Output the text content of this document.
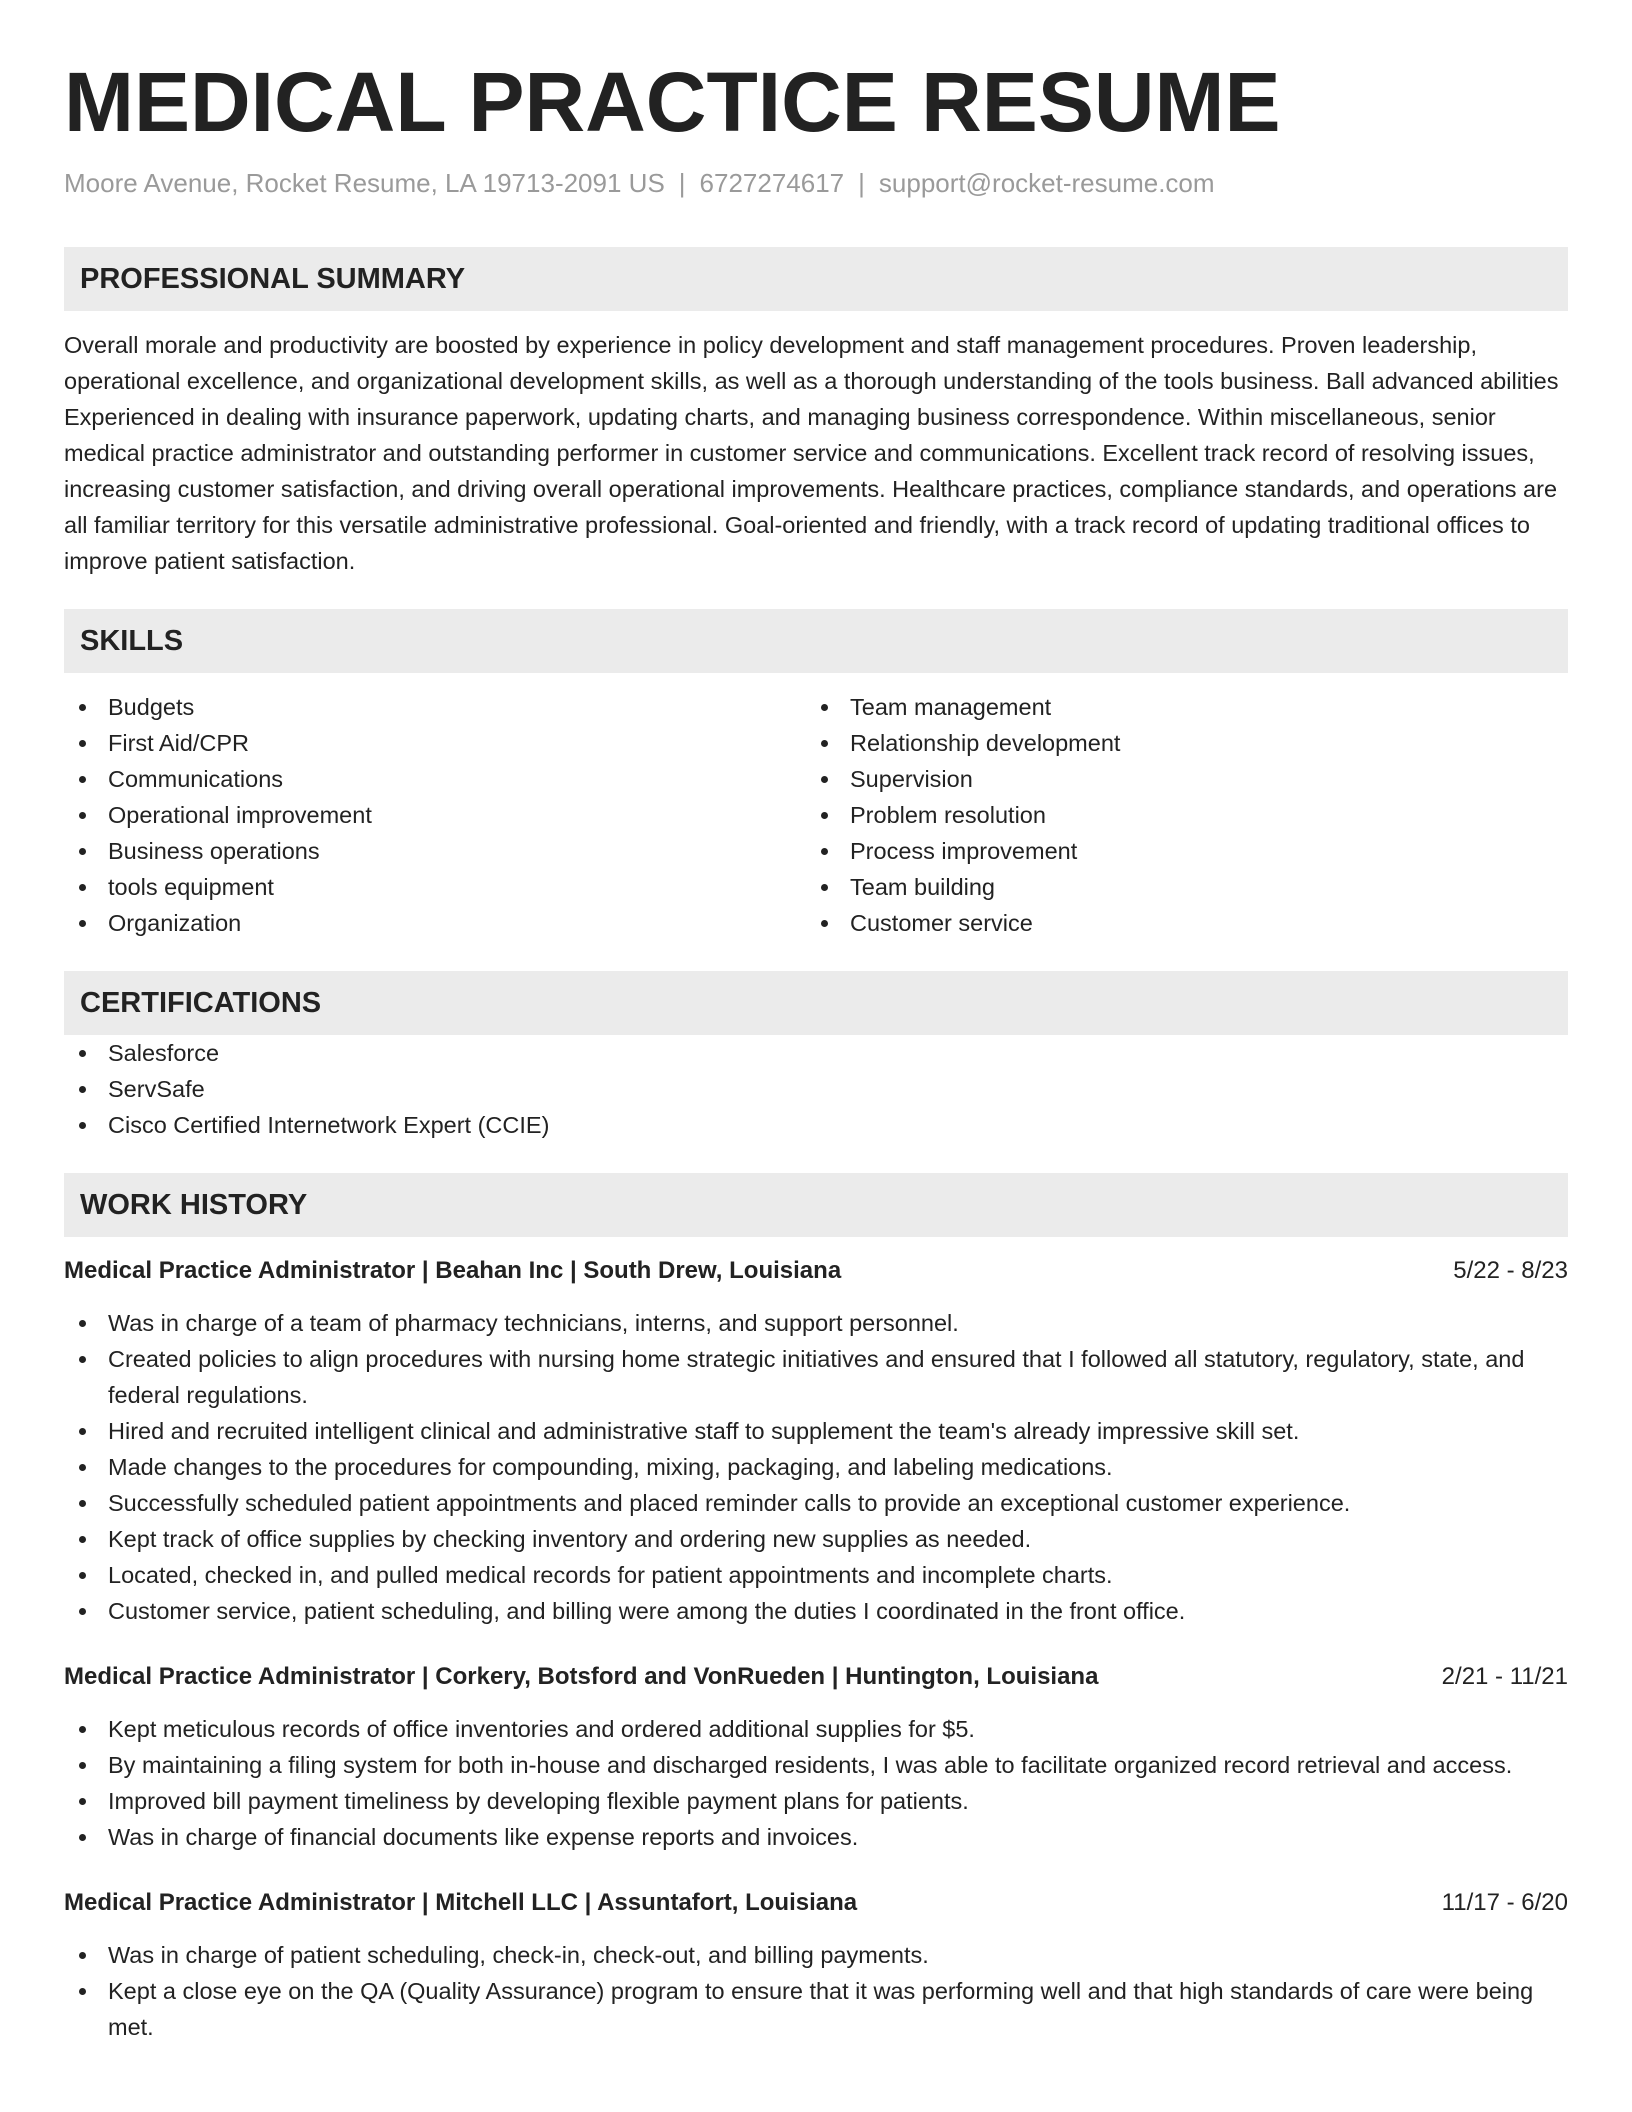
MEDICAL PRACTICE RESUME
Moore Avenue, Rocket Resume, LA 19713-2091 US | 6727274617 | support@rocket-resume.com
PROFESSIONAL SUMMARY

Overall morale and productivity are boosted by experience in policy development and staff management procedures. Proven leadership, operational excellence, and organizational development skills, as well as a thorough understanding of the tools business. Ball advanced abilities Experienced in dealing with insurance paperwork, updating charts, and managing business correspondence. Within miscellaneous, senior medical practice administrator and outstanding performer in customer service and communications. Excellent track record of resolving issues, increasing customer satisfaction, and driving overall operational improvements. Healthcare practices, compliance standards, and operations are all familiar territory for this versatile administrative professional. Goal-oriented and friendly, with a track record of updating traditional offices to improve patient satisfaction.

SKILLS
Budgets
First Aid/CPR
Communications
Operational improvement
Business operations
tools equipment
Organization
Team management
Relationship development
Supervision
Problem resolution
Process improvement
Team building
Customer service
CERTIFICATIONS
Salesforce
ServSafe
Cisco Certified Internetwork Expert (CCIE)
WORK HISTORY
Medical Practice Administrator | Beahan Inc | South Drew, Louisiana	5/22 - 8/23
Was in charge of a team of pharmacy technicians, interns, and support personnel.
Created policies to align procedures with nursing home strategic initiatives and ensured that I followed all statutory, regulatory, state, and federal regulations.
Hired and recruited intelligent clinical and administrative staff to supplement the team's already impressive skill set.
Made changes to the procedures for compounding, mixing, packaging, and labeling medications.
Successfully scheduled patient appointments and placed reminder calls to provide an exceptional customer experience.
Kept track of office supplies by checking inventory and ordering new supplies as needed.
Located, checked in, and pulled medical records for patient appointments and incomplete charts.
Customer service, patient scheduling, and billing were among the duties I coordinated in the front office.
Medical Practice Administrator | Corkery, Botsford and VonRueden | Huntington, Louisiana	2/21 - 11/21
Kept meticulous records of office inventories and ordered additional supplies for $5.
By maintaining a filing system for both in-house and discharged residents, I was able to facilitate organized record retrieval and access.
Improved bill payment timeliness by developing flexible payment plans for patients.
Was in charge of financial documents like expense reports and invoices.
Medical Practice Administrator | Mitchell LLC | Assuntafort, Louisiana	11/17 - 6/20
Was in charge of patient scheduling, check-in, check-out, and billing payments.
Kept a close eye on the QA (Quality Assurance) program to ensure that it was performing well and that high standards of care were being met.
